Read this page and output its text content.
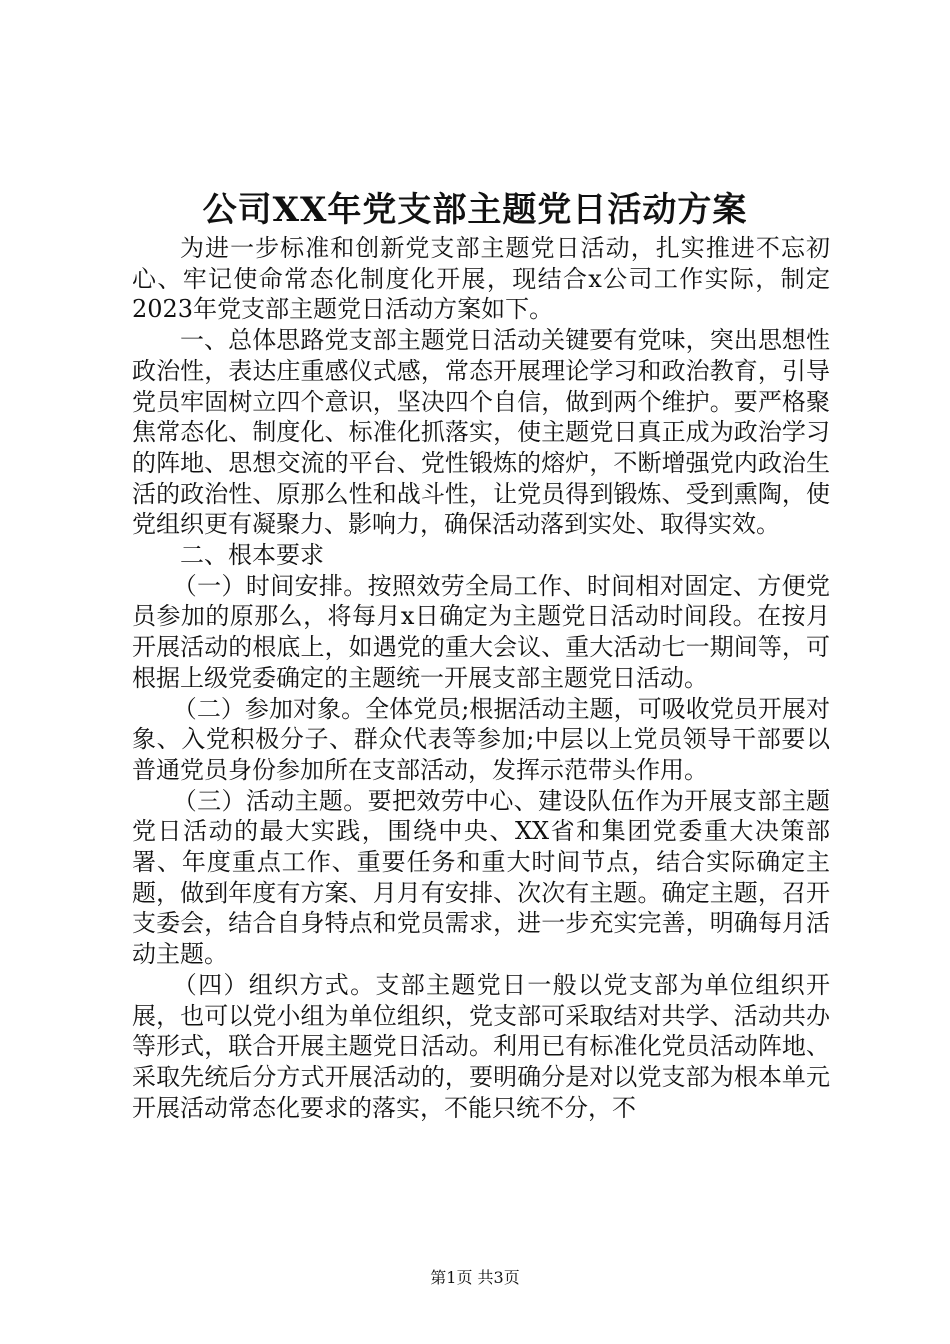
公司XX年党支部主题党日活动方案

为进一步标准和创新党支部主题党日活动，扎实推进不忘初心、牢记使命常态化制度化开展，现结合x公司工作实际，制定2023年党支部主题党日活动方案如下。

一、总体思路党支部主题党日活动关键要有党味，突出思想性政治性，表达庄重感仪式感，常态开展理论学习和政治教育，引导党员牢固树立四个意识，坚决四个自信，做到两个维护。要严格聚焦常态化、制度化、标准化抓落实，使主题党日真正成为政治学习的阵地、思想交流的平台、党性锻炼的熔炉，不断增强党内政治生活的政治性、原那么性和战斗性，让党员得到锻炼、受到熏陶，使党组织更有凝聚力、影响力，确保活动落到实处、取得实效。

二、根本要求

（一）时间安排。按照效劳全局工作、时间相对固定、方便党员参加的原那么，将每月x日确定为主题党日活动时间段。在按月开展活动的根底上，如遇党的重大会议、重大活动七一期间等，可根据上级党委确定的主题统一开展支部主题党日活动。

（二）参加对象。全体党员;根据活动主题，可吸收党员开展对象、入党积极分子、群众代表等参加;中层以上党员领导干部要以普通党员身份参加所在支部活动，发挥示范带头作用。

（三）活动主题。要把效劳中心、建设队伍作为开展支部主题党日活动的最大实践，围绕中央、XX省和集团党委重大决策部署、年度重点工作、重要任务和重大时间节点，结合实际确定主题，做到年度有方案、月月有安排、次次有主题。确定主题，召开支委会，结合自身特点和党员需求，进一步充实完善，明确每月活动主题。

（四）组织方式。支部主题党日一般以党支部为单位组织开展，也可以党小组为单位组织，党支部可采取结对共学、活动共办等形式，联合开展主题党日活动。利用已有标准化党员活动阵地、采取先统后分方式开展活动的，要明确分是对以党支部为根本单元开展活动常态化要求的落实，不能只统不分，不

第1页 共3页
